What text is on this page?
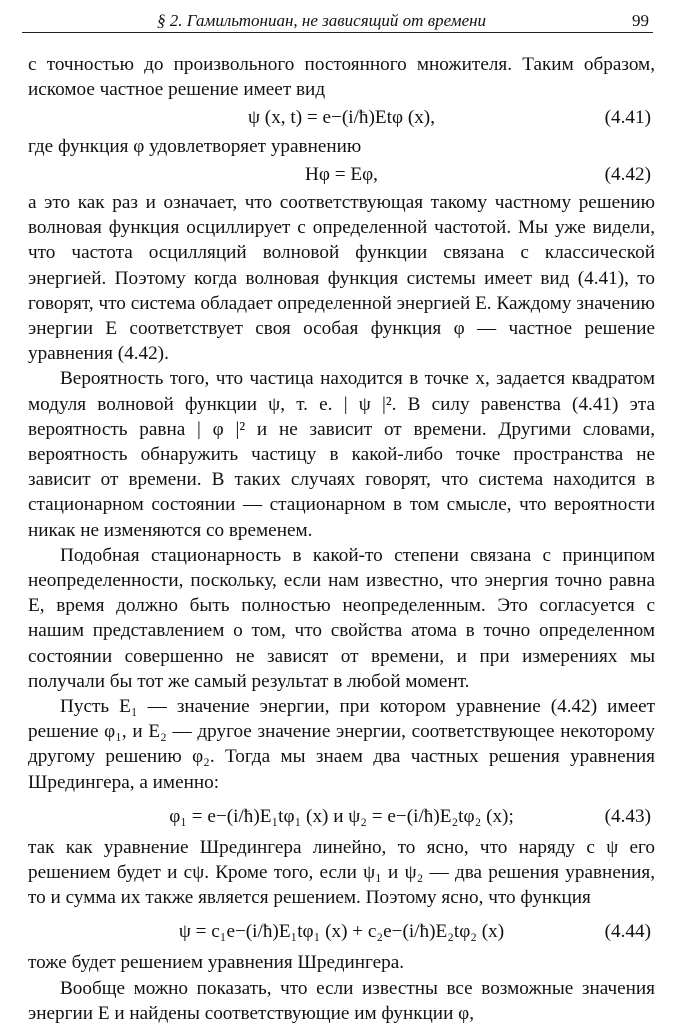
§ 2. Гамильтониан, не зависящий от времени	99

с точностью до произвольного постоянного множителя. Таким образом, искомое частное решение имеет вид

ψ (x, t) = e−(i/ħ)Etφ (x),	(4.41)

где функция φ удовлетворяет уравнению

Hφ = Eφ,	(4.42)

а это как раз и означает, что соответствующая такому частному решению волновая функция осциллирует с определенной частотой. Мы уже видели, что частота осцилляций волновой функции связана с классической энергией. Поэтому когда волновая функция системы имеет вид (4.41), то говорят, что система обладает определенной энергией E. Каждому значению энергии E соответствует своя особая функция φ — частное решение уравнения (4.42).

Вероятность того, что частица находится в точке x, задается квадратом модуля волновой функции ψ, т. е. | ψ |². В силу равенства (4.41) эта вероятность равна | φ |² и не зависит от времени. Другими словами, вероятность обнаружить частицу в какой-либо точке пространства не зависит от времени. В таких случаях говорят, что система находится в стационарном состоянии — стационарном в том смысле, что вероятности никак не изменяются со временем.

Подобная стационарность в какой-то степени связана с принципом неопределенности, поскольку, если нам известно, что энергия точно равна E, время должно быть полностью неопределенным. Это согласуется с нашим представлением о том, что свойства атома в точно определенном состоянии совершенно не зависят от времени, и при измерениях мы получали бы тот же самый результат в любой момент.

Пусть E₁ — значение энергии, при котором уравнение (4.42) имеет решение φ₁, и E₂ — другое значение энергии, соответствующее некоторому другому решению φ₂. Тогда мы знаем два частных решения уравнения Шредингера, а именно:

φ₁ = e−(i/ħ)E₁tφ₁ (x) и ψ₂ = e−(i/ħ)E₂tφ₂ (x);	(4.43)

так как уравнение Шредингера линейно, то ясно, что наряду с ψ его решением будет и cψ. Кроме того, если ψ₁ и ψ₂ — два решения уравнения, то и сумма их также является решением. Поэтому ясно, что функция

ψ = c₁e−(i/ħ)E₁tφ₁ (x) + c₂e−(i/ħ)E₂tφ₂ (x)	(4.44)

тоже будет решением уравнения Шредингера.

Вообще можно показать, что если известны все возможные значения энергии E и найдены соответствующие им функции φ,
